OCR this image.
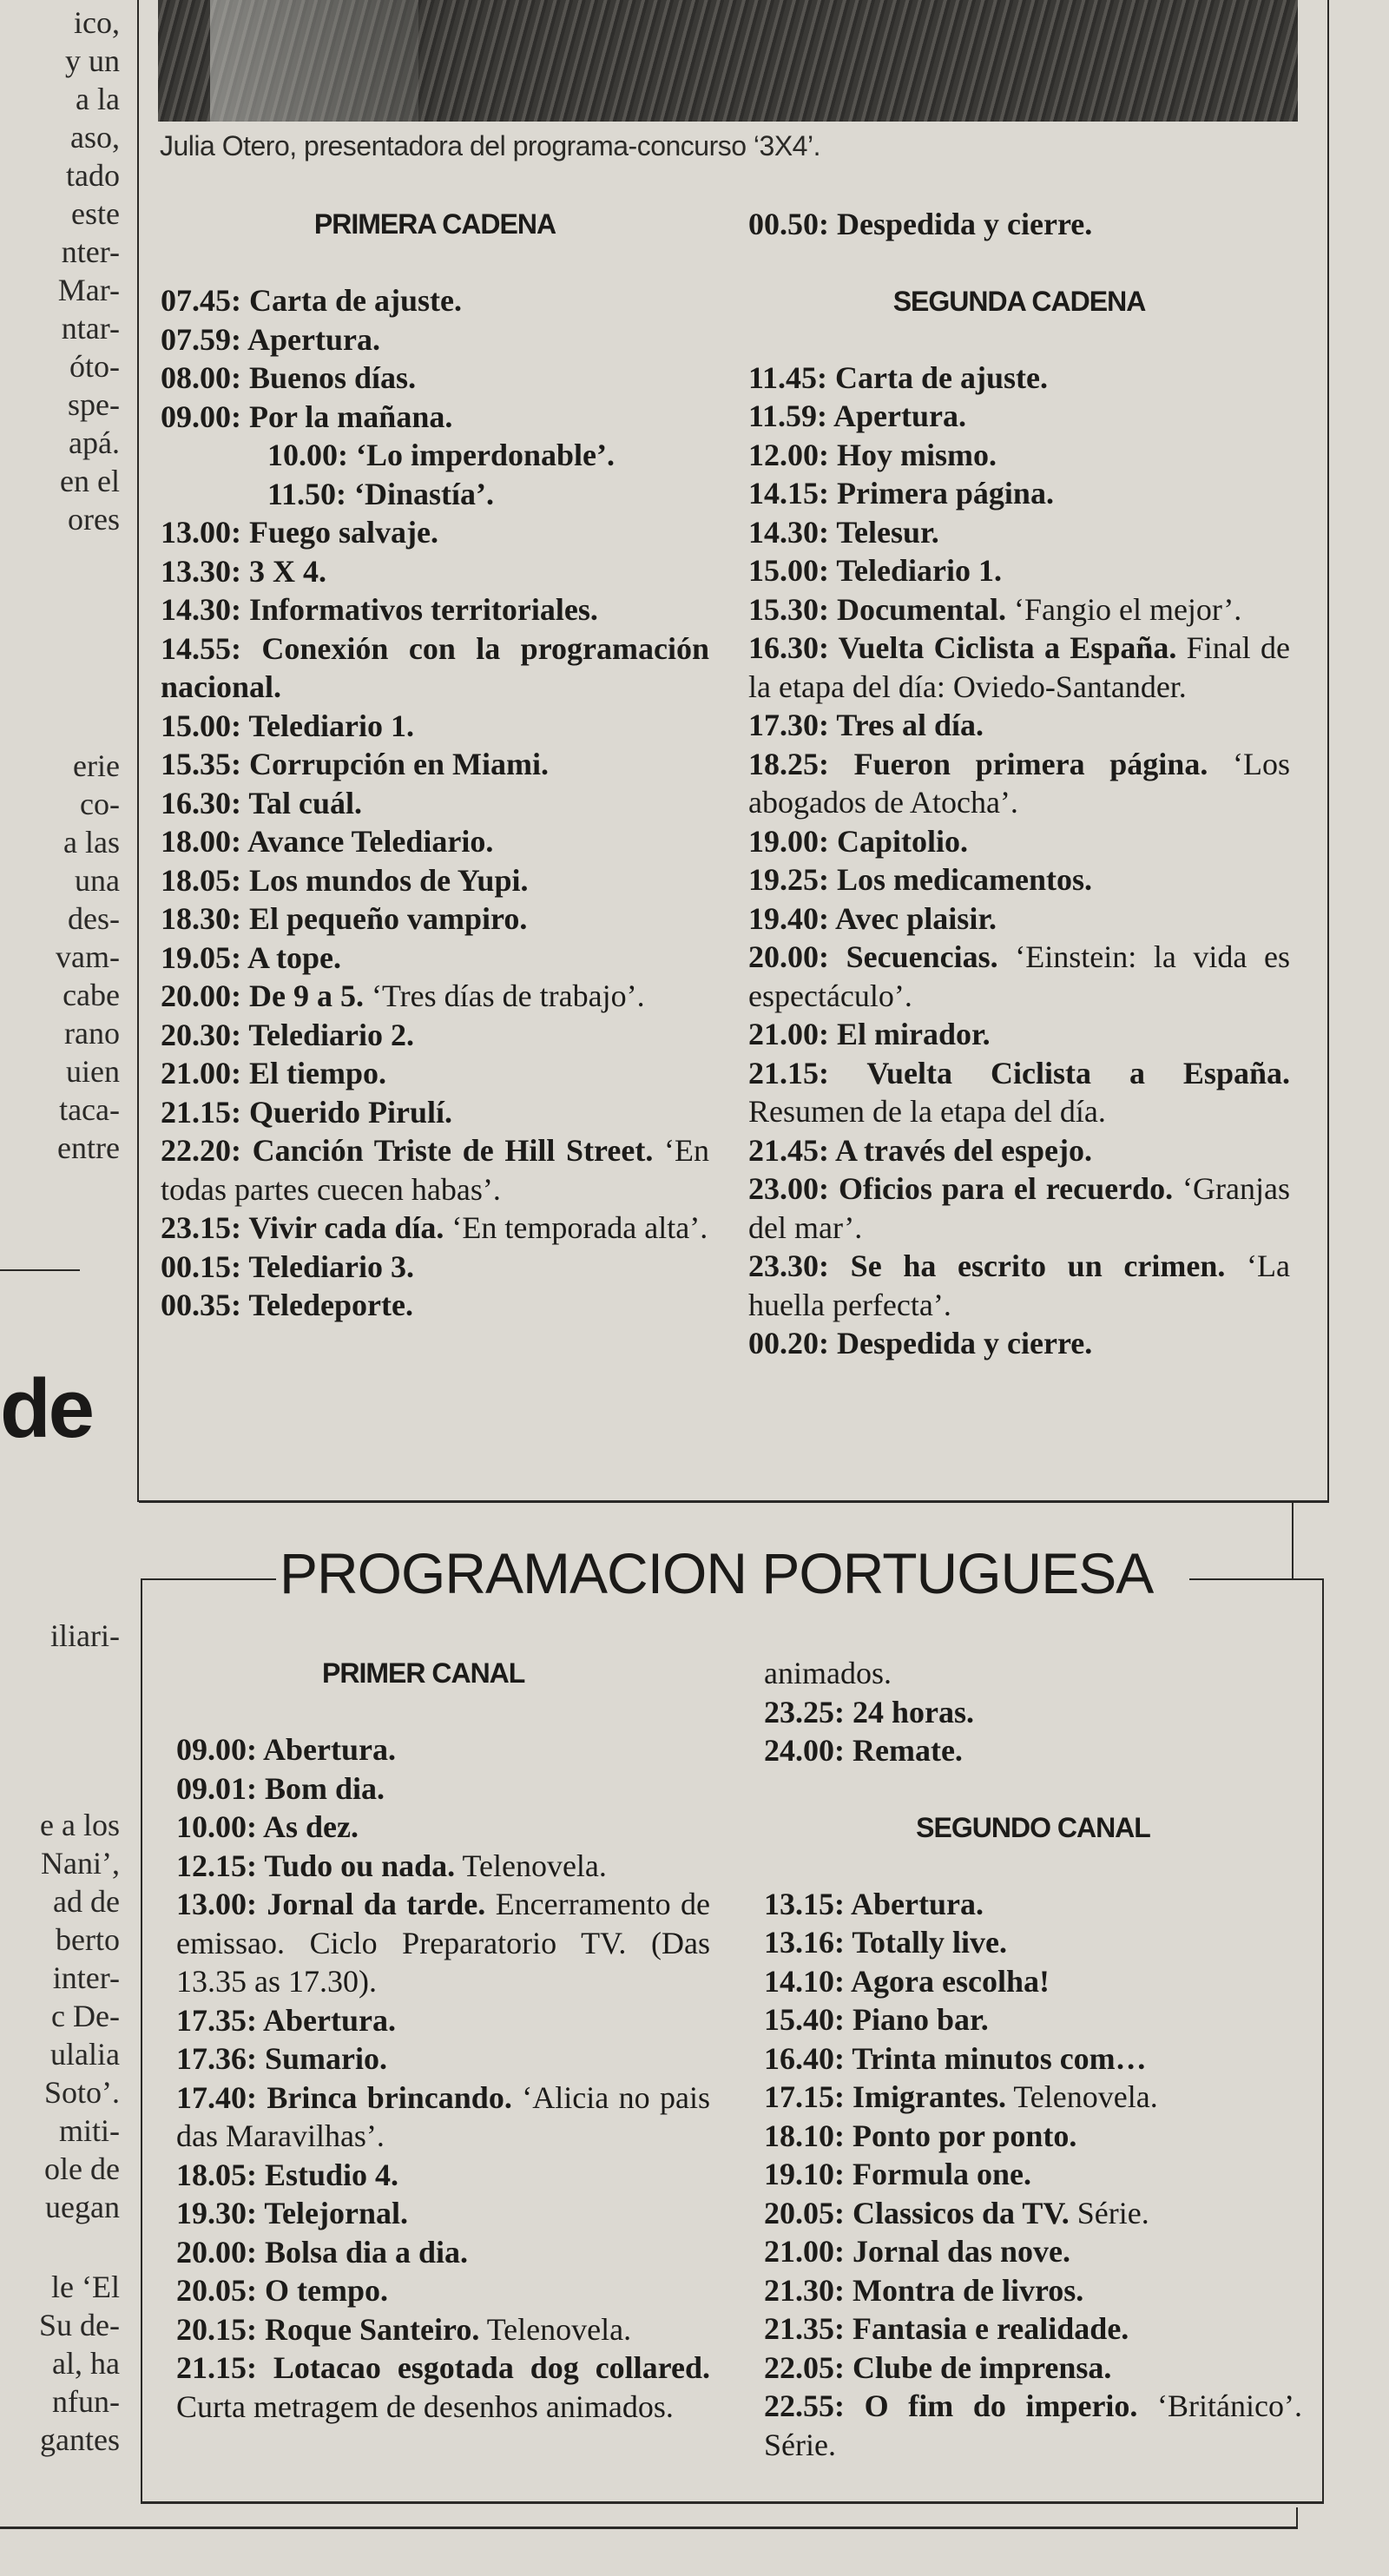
ico,
y un
a la
aso,
tado
este
nter-
Mar-
ntar-
óto-
spe-
apá.
en el
ores
erie
co-
a las
una
des-
vam-
cabe
rano
uien
taca-
entre
iliari-
e a los
Nani’,
ad de
berto
inter-
c De-
ulalia
Soto’.
miti-
ole de
uegan
le ‘El
Su de-
al, ha
nfun-
gantes
de
Julia Otero, presentadora del programa-concurso ‘3X4’.
PRIMERA CADENA
07.45: Carta de ajuste.
07.59: Apertura.
08.00: Buenos días.
09.00: Por la mañana.
10.00: ‘Lo imperdonable’.
11.50: ‘Dinastía’.
13.00: Fuego salvaje.
13.30: 3 X 4.
14.30: Informativos territoriales.
14.55: Conexión con la programación nacional.
15.00: Telediario 1.
15.35: Corrupción en Miami.
16.30: Tal cuál.
18.00: Avance Telediario.
18.05: Los mundos de Yupi.
18.30: El pequeño vampiro.
19.05: A tope.
20.00: De 9 a 5. ‘Tres días de trabajo’.
20.30: Telediario 2.
21.00: El tiempo.
21.15: Querido Pirulí.
22.20: Canción Triste de Hill Street. ‘En todas partes cuecen habas’.
23.15: Vivir cada día. ‘En temporada alta’.
00.15: Telediario 3.
00.35: Teledeporte.
00.50: Despedida y cierre.
SEGUNDA CADENA
11.45: Carta de ajuste.
11.59: Apertura.
12.00: Hoy mismo.
14.15: Primera página.
14.30: Telesur.
15.00: Telediario 1.
15.30: Documental. ‘Fangio el mejor’.
16.30: Vuelta Ciclista a España. Final de la etapa del día: Oviedo-Santander.
17.30: Tres al día.
18.25: Fueron primera página. ‘Los abogados de Atocha’.
19.00: Capitolio.
19.25: Los medicamentos.
19.40: Avec plaisir.
20.00: Secuencias. ‘Einstein: la vida es espectáculo’.
21.00: El mirador.
21.15: Vuelta Ciclista a España. Resumen de la etapa del día.
21.45: A través del espejo.
23.00: Oficios para el recuerdo. ‘Granjas del mar’.
23.30: Se ha escrito un crimen. ‘La huella perfecta’.
00.20: Despedida y cierre.
PROGRAMACION PORTUGUESA
PRIMER CANAL
09.00: Abertura.
09.01: Bom dia.
10.00: As dez.
12.15: Tudo ou nada. Telenovela.
13.00: Jornal da tarde. Encerramento de emissao. Ciclo Preparatorio TV. (Das 13.35 as 17.30).
17.35: Abertura.
17.36: Sumario.
17.40: Brinca brincando. ‘Alicia no pais das Maravilhas’.
18.05: Estudio 4.
19.30: Telejornal.
20.00: Bolsa dia a dia.
20.05: O tempo.
20.15: Roque Santeiro. Telenovela.
21.15: Lotacao esgotada dog collared. Curta metragem de desenhos animados.
animados.
23.25: 24 horas.
24.00: Remate.
SEGUNDO CANAL
13.15: Abertura.
13.16: Totally live.
14.10: Agora escolha!
15.40: Piano bar.
16.40: Trinta minutos com…
17.15: Imigrantes. Telenovela.
18.10: Ponto por ponto.
19.10: Formula one.
20.05: Classicos da TV. Série.
21.00: Jornal das nove.
21.30: Montra de livros.
21.35: Fantasia e realidade.
22.05: Clube de imprensa.
22.55: O fim do imperio. ‘Británico’. Série.
